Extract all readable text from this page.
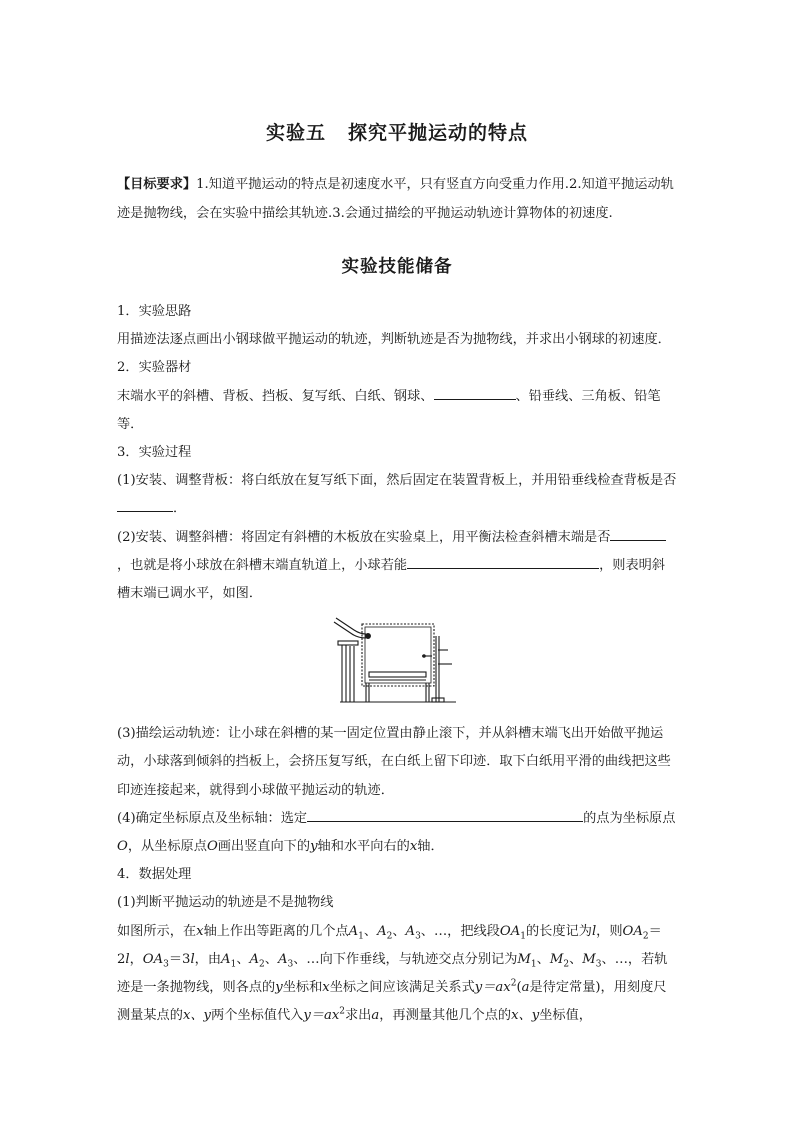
实验五 探究平抛运动的特点

【目标要求】1.知道平抛运动的特点是初速度水平，只有竖直方向受重力作用.2.知道平抛运动轨迹是抛物线，会在实验中描绘其轨迹.3.会通过描绘的平抛运动轨迹计算物体的初速度.

实验技能储备

1．实验思路

用描迹法逐点画出小钢球做平抛运动的轨迹，判断轨迹是否为抛物线，并求出小钢球的初速度．

2．实验器材

末端水平的斜槽、背板、挡板、复写纸、白纸、钢球、	、铅垂线、三角板、铅笔等．

3．实验过程

(1)安装、调整背板：将白纸放在复写纸下面，然后固定在装置背板上，并用铅垂线检查背板是否．

(2)安装、调整斜槽：将固定有斜槽的木板放在实验桌上，用平衡法检查斜槽末端是否，也就是将小球放在斜槽末端直轨道上，小球若能	，则表明斜槽末端已调水平，如图．

(3)描绘运动轨迹：让小球在斜槽的某一固定位置由静止滚下，并从斜槽末端飞出开始做平抛运动，小球落到倾斜的挡板上，会挤压复写纸，在白纸上留下印迹．取下白纸用平滑的曲线把这些印迹连接起来，就得到小球做平抛运动的轨迹．

(4)确定坐标原点及坐标轴：选定	的点为坐标原点O，从坐标原点O画出竖直向下的y轴和水平向右的x轴．

4．数据处理

(1)判断平抛运动的轨迹是不是抛物线

如图所示，在x轴上作出等距离的几个点$A_1$、$A_2$、$A_3$、…，把线段$OA_1$的长度记为l，则$OA_2=2l$，$OA_3=3l$，由$A_1$、$A_2$、$A_3$、…向下作垂线，与轨迹交点分别记为$M_1$、$M_2$、$M_3$、…，若轨迹是一条抛物线，则各点的y坐标和x坐标之间应该满足关系式$y=ax^2(a$是待定常量)，用刻度尺测量某点的x、y两个坐标值代入$y=ax^2$求出a，再测量其他几个点的x、y坐标值，
